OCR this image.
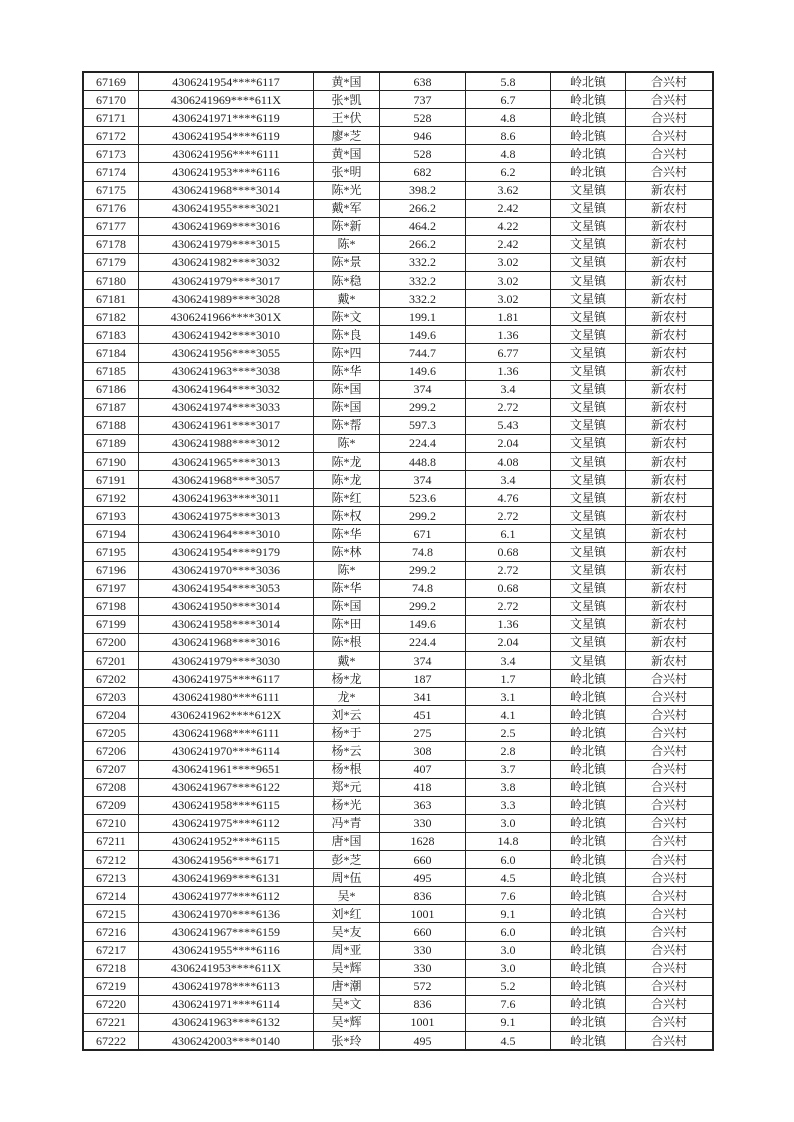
67169	4306241954****6117	黄*国	638	5.8	岭北镇	合兴村
67170	4306241969****611X	张*凯	737	6.7	岭北镇	合兴村
67171	4306241971****6119	王*伏	528	4.8	岭北镇	合兴村
67172	4306241954****6119	廖*芝	946	8.6	岭北镇	合兴村
67173	4306241956****6111	黄*国	528	4.8	岭北镇	合兴村
67174	4306241953****6116	张*明	682	6.2	岭北镇	合兴村
67175	4306241968****3014	陈*光	398.2	3.62	文星镇	新农村
67176	4306241955****3021	戴*军	266.2	2.42	文星镇	新农村
67177	4306241969****3016	陈*新	464.2	4.22	文星镇	新农村
67178	4306241979****3015	陈*	266.2	2.42	文星镇	新农村
67179	4306241982****3032	陈*景	332.2	3.02	文星镇	新农村
67180	4306241979****3017	陈*稳	332.2	3.02	文星镇	新农村
67181	4306241989****3028	戴*	332.2	3.02	文星镇	新农村
67182	4306241966****301X	陈*文	199.1	1.81	文星镇	新农村
67183	4306241942****3010	陈*良	149.6	1.36	文星镇	新农村
67184	4306241956****3055	陈*四	744.7	6.77	文星镇	新农村
67185	4306241963****3038	陈*华	149.6	1.36	文星镇	新农村
67186	4306241964****3032	陈*国	374	3.4	文星镇	新农村
67187	4306241974****3033	陈*国	299.2	2.72	文星镇	新农村
67188	4306241961****3017	陈*帮	597.3	5.43	文星镇	新农村
67189	4306241988****3012	陈*	224.4	2.04	文星镇	新农村
67190	4306241965****3013	陈*龙	448.8	4.08	文星镇	新农村
67191	4306241968****3057	陈*龙	374	3.4	文星镇	新农村
67192	4306241963****3011	陈*红	523.6	4.76	文星镇	新农村
67193	4306241975****3013	陈*权	299.2	2.72	文星镇	新农村
67194	4306241964****3010	陈*华	671	6.1	文星镇	新农村
67195	4306241954****9179	陈*林	74.8	0.68	文星镇	新农村
67196	4306241970****3036	陈*	299.2	2.72	文星镇	新农村
67197	4306241954****3053	陈*华	74.8	0.68	文星镇	新农村
67198	4306241950****3014	陈*国	299.2	2.72	文星镇	新农村
67199	4306241958****3014	陈*田	149.6	1.36	文星镇	新农村
67200	4306241968****3016	陈*根	224.4	2.04	文星镇	新农村
67201	4306241979****3030	戴*	374	3.4	文星镇	新农村
67202	4306241975****6117	杨*龙	187	1.7	岭北镇	合兴村
67203	4306241980****6111	龙*	341	3.1	岭北镇	合兴村
67204	4306241962****612X	刘*云	451	4.1	岭北镇	合兴村
67205	4306241968****6111	杨*于	275	2.5	岭北镇	合兴村
67206	4306241970****6114	杨*云	308	2.8	岭北镇	合兴村
67207	4306241961****9651	杨*根	407	3.7	岭北镇	合兴村
67208	4306241967****6122	郑*元	418	3.8	岭北镇	合兴村
67209	4306241958****6115	杨*光	363	3.3	岭北镇	合兴村
67210	4306241975****6112	冯*青	330	3.0	岭北镇	合兴村
67211	4306241952****6115	唐*国	1628	14.8	岭北镇	合兴村
67212	4306241956****6171	彭*芝	660	6.0	岭北镇	合兴村
67213	4306241969****6131	周*伍	495	4.5	岭北镇	合兴村
67214	4306241977****6112	吴*	836	7.6	岭北镇	合兴村
67215	4306241970****6136	刘*红	1001	9.1	岭北镇	合兴村
67216	4306241967****6159	吴*友	660	6.0	岭北镇	合兴村
67217	4306241955****6116	周*亚	330	3.0	岭北镇	合兴村
67218	4306241953****611X	吴*辉	330	3.0	岭北镇	合兴村
67219	4306241978****6113	唐*潮	572	5.2	岭北镇	合兴村
67220	4306241971****6114	吴*文	836	7.6	岭北镇	合兴村
67221	4306241963****6132	吴*辉	1001	9.1	岭北镇	合兴村
67222	4306242003****0140	张*玲	495	4.5	岭北镇	合兴村
